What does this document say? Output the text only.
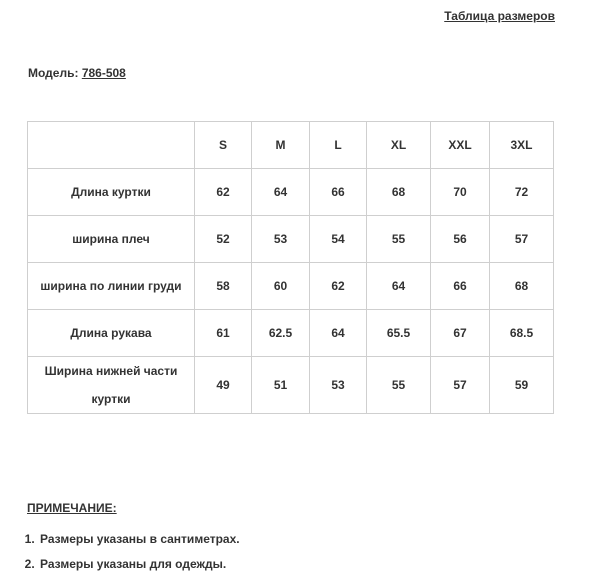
Таблица размеров
Модель: 786-508
	S	M	L	XL	XXL	3XL
Длина куртки	62	64	66	68	70	72
ширина плеч	52	53	54	55	56	57
ширина по линии груди	58	60	62	64	66	68
Длина рукава	61	62.5	64	65.5	67	68.5
Ширина нижней части куртки	49	51	53	55	57	59
ПРИМЕЧАНИЕ:
1. Размеры указаны в сантиметрах.
2. Размеры указаны для одежды.
